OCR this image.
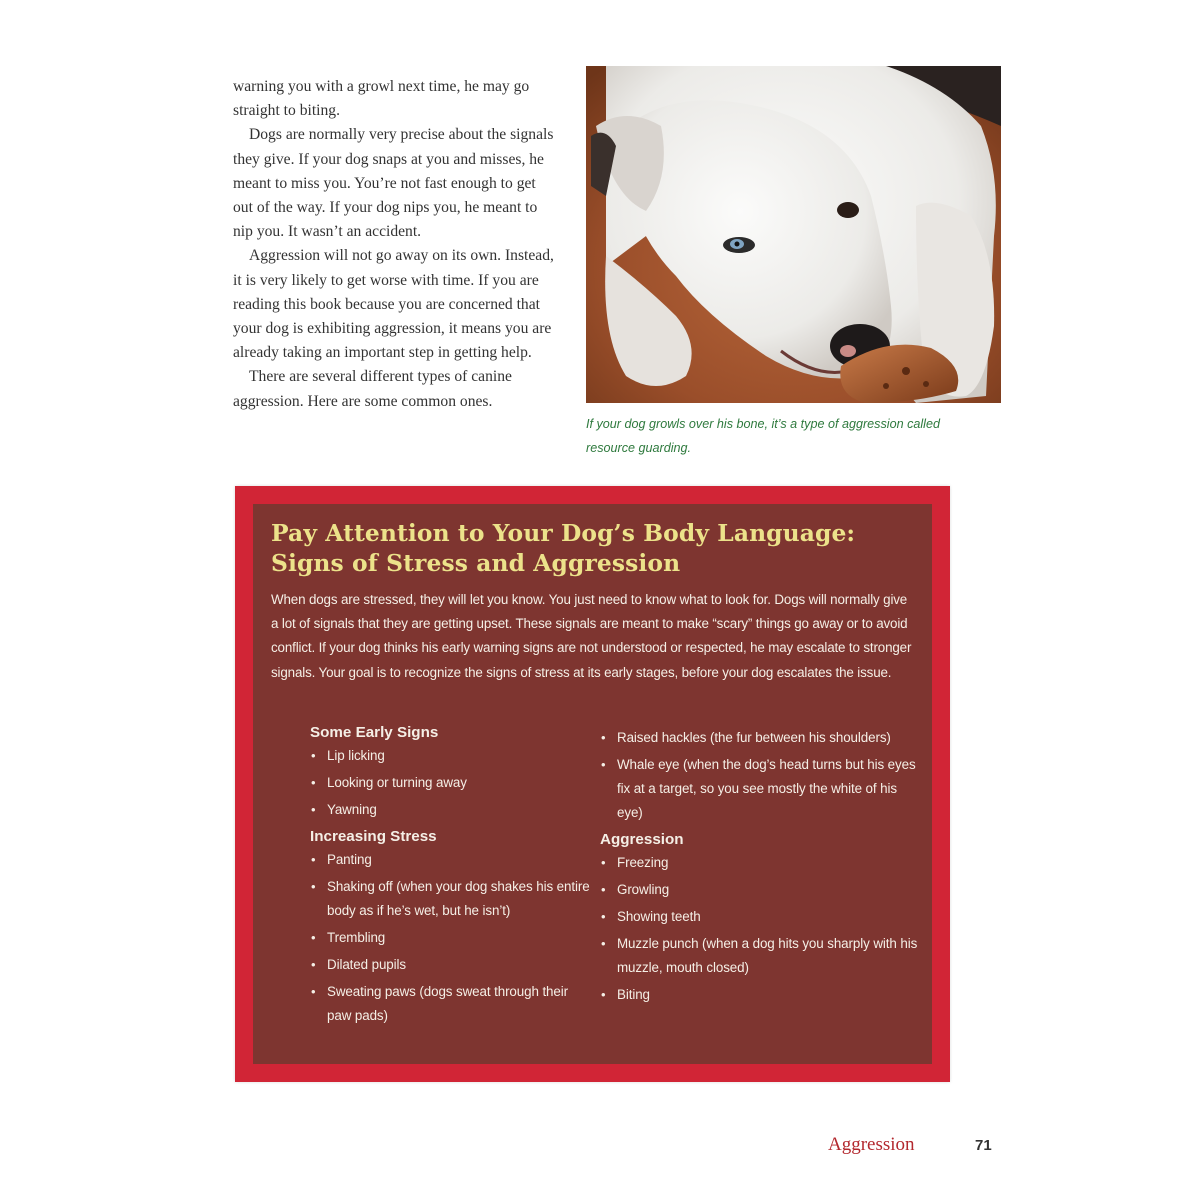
warning you with a growl next time, he may go straight to biting.

Dogs are normally very precise about the signals they give. If your dog snaps at you and misses, he meant to miss you. You’re not fast enough to get out of the way. If your dog nips you, he meant to nip you. It wasn’t an accident.

Aggression will not go away on its own. Instead, it is very likely to get worse with time. If you are reading this book because you are concerned that your dog is exhibiting aggression, it means you are already taking an important step in getting help.

There are several different types of canine aggression. Here are some common ones.

If your dog growls over his bone, it’s a type of aggression called resource guarding.
Pay Attention to Your Dog’s Body Language:
Signs of Stress and Aggression

When dogs are stressed, they will let you know. You just need to know what to look for. Dogs will normally give a lot of signals that they are getting upset. These signals are meant to make “scary” things go away or to avoid conflict. If your dog thinks his early warning signs are not understood or respected, he may escalate to stronger signals. Your goal is to recognize the signs of stress at its early stages, before your dog escalates the issue.

Some Early Signs
• Lip licking
• Looking or turning away
• Yawning
Increasing Stress
• Panting
• Shaking off (when your dog shakes his entire body as if he’s wet, but he isn’t)
• Trembling
• Dilated pupils
• Sweating paws (dogs sweat through their paw pads)
• Raised hackles (the fur between his shoulders)
• Whale eye (when the dog’s head turns but his eyes fix at a target, so you see mostly the white of his eye)
Aggression
• Freezing
• Growling
• Showing teeth
• Muzzle punch (when a dog hits you sharply with his muzzle, mouth closed)
• Biting
Aggression	71
